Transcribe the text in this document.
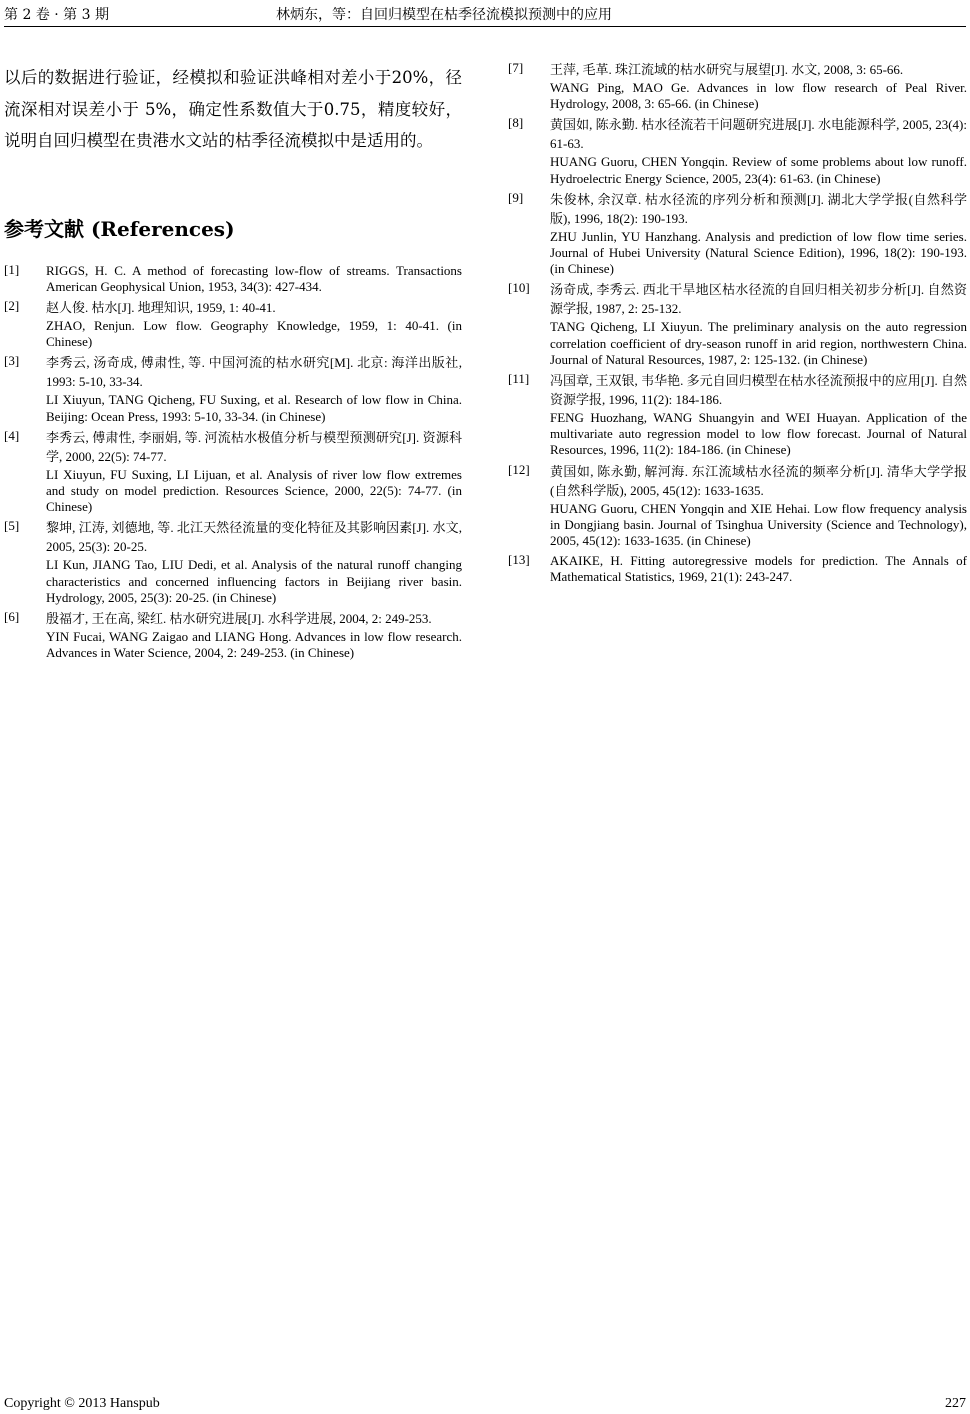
第 2 卷 · 第 3 期	林炳东，等：自回归模型在枯季径流模拟预测中的应用

以后的数据进行验证，经模拟和验证洪峰相对差小于20%，径流深相对误差小于 5%，确定性系数值大于0.75，精度较好，说明自回归模型在贵港水文站的枯季径流模拟中是适用的。

参考文献 (References)
[1]	RIGGS, H. C. A method of forecasting low-flow of streams. Transactions American Geophysical Union, 1953, 34(3): 427-434.
[2]	赵人俊. 枯水[J]. 地理知识, 1959, 1: 40-41.
ZHAO, Renjun. Low flow. Geography Knowledge, 1959, 1: 40-41. (in Chinese)
[3]	李秀云, 汤奇成, 傅肃性, 等. 中国河流的枯水研究[M]. 北京: 海洋出版社, 1993: 5-10, 33-34.
LI Xiuyun, TANG Qicheng, FU Suxing, et al. Research of low flow in China. Beijing: Ocean Press, 1993: 5-10, 33-34. (in Chinese)
[4]	李秀云, 傅肃性, 李丽娟, 等. 河流枯水极值分析与模型预测研究[J]. 资源科学, 2000, 22(5): 74-77.
LI Xiuyun, FU Suxing, LI Lijuan, et al. Analysis of river low flow extremes and study on model prediction. Resources Science, 2000, 22(5): 74-77. (in Chinese)
[5]	黎坤, 江涛, 刘德地, 等. 北江天然径流量的变化特征及其影响因素[J]. 水文, 2005, 25(3): 20-25.
LI Kun, JIANG Tao, LIU Dedi, et al. Analysis of the natural runoff changing characteristics and concerned influencing factors in Beijiang river basin. Hydrology, 2005, 25(3): 20-25. (in Chinese)
[6]	殷福才, 王在高, 梁红. 枯水研究进展[J]. 水科学进展, 2004, 2: 249-253.
YIN Fucai, WANG Zaigao and LIANG Hong. Advances in low flow research. Advances in Water Science, 2004, 2: 249-253. (in Chinese)
[7]	王萍, 毛革. 珠江流域的枯水研究与展望[J]. 水文, 2008, 3: 65-66.
WANG Ping, MAO Ge. Advances in low flow research of Peal River. Hydrology, 2008, 3: 65-66. (in Chinese)
[8]	黄国如, 陈永勤. 枯水径流若干问题研究进展[J]. 水电能源科学, 2005, 23(4): 61-63.
HUANG Guoru, CHEN Yongqin. Review of some problems about low runoff. Hydroelectric Energy Science, 2005, 23(4): 61-63. (in Chinese)
[9]	朱俊林, 余汉章. 枯水径流的序列分析和预测[J]. 湖北大学学报(自然科学版), 1996, 18(2): 190-193.
ZHU Junlin, YU Hanzhang. Analysis and prediction of low flow time series. Journal of Hubei University (Natural Science Edition), 1996, 18(2): 190-193. (in Chinese)
[10]	汤奇成, 李秀云. 西北干旱地区枯水径流的自回归相关初步分析[J]. 自然资源学报, 1987, 2: 25-132.
TANG Qicheng, LI Xiuyun. The preliminary analysis on the auto regression correlation coefficient of dry-season runoff in arid region, northwestern China. Journal of Natural Resources, 1987, 2: 125-132. (in Chinese)
[11]	冯国章, 王双银, 韦华艳. 多元自回归模型在枯水径流预报中的应用[J]. 自然资源学报, 1996, 11(2): 184-186.
FENG Huozhang, WANG Shuangyin and WEI Huayan. Application of the multivariate auto regression model to low flow forecast. Journal of Natural Resources, 1996, 11(2): 184-186. (in Chinese)
[12]	黄国如, 陈永勤, 解河海. 东江流域枯水径流的频率分析[J]. 清华大学学报(自然科学版), 2005, 45(12): 1633-1635.
HUANG Guoru, CHEN Yongqin and XIE Hehai. Low flow frequency analysis in Dongjiang basin. Journal of Tsinghua University (Science and Technology), 2005, 45(12): 1633-1635. (in Chinese)
[13]	AKAIKE, H. Fitting autoregressive models for prediction. The Annals of Mathematical Statistics, 1969, 21(1): 243-247.
Copyright © 2013 Hanspub	227
